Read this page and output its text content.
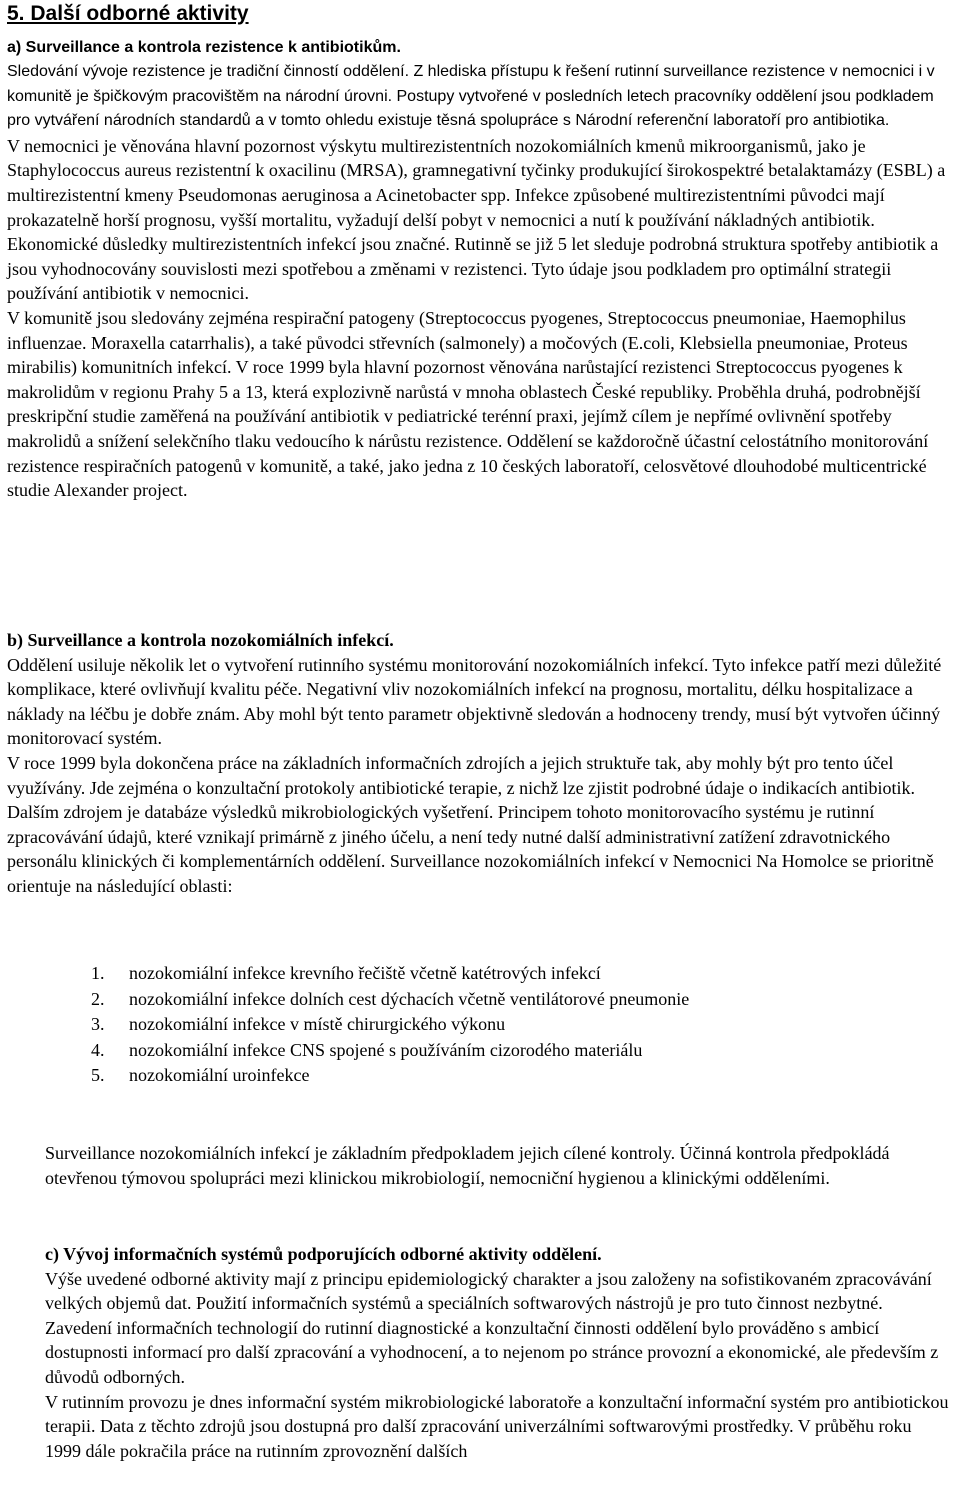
5. Další odborné aktivity

a) Surveillance a kontrola rezistence k antibiotikům.

Sledování vývoje rezistence je tradiční činností oddělení. Z hlediska přístupu k řešení rutinní surveillance rezistence v nemocnici i v komunitě je špičkovým pracovištěm na národní úrovni. Postupy vytvořené v posledních letech pracovníky oddělení jsou podkladem pro vytváření národních standardů a v tomto ohledu existuje těsná spolupráce s Národní referenční laboratoří pro antibiotika.

V nemocnici je věnována hlavní pozornost výskytu multirezistentních nozokomiálních kmenů mikroorganismů, jako je Staphylococcus aureus rezistentní k oxacilinu (MRSA), gramnegativní tyčinky produkující širokospektré betalaktamázy (ESBL) a multirezistentní kmeny Pseudomonas aeruginosa a Acinetobacter spp. Infekce způsobené multirezistentními původci mají prokazatelně horší prognosu, vyšší mortalitu, vyžadují delší pobyt v nemocnici a nutí k používání nákladných antibiotik. Ekonomické důsledky multirezistentních infekcí jsou značné. Rutinně se již 5 let sleduje podrobná struktura spotřeby antibiotik a jsou vyhodnocovány souvislosti mezi spotřebou a změnami v rezistenci. Tyto údaje jsou podkladem pro optimální strategii používání antibiotik v nemocnici.

V komunitě jsou sledovány zejména respirační patogeny (Streptococcus pyogenes, Streptococcus pneumoniae, Haemophilus influenzae. Moraxella catarrhalis), a také původci střevních (salmonely) a močových (E.coli, Klebsiella pneumoniae, Proteus mirabilis) komunitních infekcí. V roce 1999 byla hlavní pozornost věnována narůstající rezistenci Streptococcus pyogenes k makrolidům v regionu Prahy 5 a 13, která explozivně narůstá v mnoha oblastech České republiky. Proběhla druhá, podrobnější preskripční studie zaměřená na používání antibiotik v pediatrické terénní praxi, jejímž cílem je nepřímé ovlivnění spotřeby makrolidů a snížení selekčního tlaku vedoucího k nárůstu rezistence. Oddělení se každoročně účastní celostátního monitorování rezistence respiračních patogenů v komunitě, a také, jako jedna z 10 českých laboratoří, celosvětové dlouhodobé multicentrické studie Alexander project.

b) Surveillance a kontrola nozokomiálních infekcí.

Oddělení usiluje několik let o vytvoření rutinního systému monitorování nozokomiálních infekcí. Tyto infekce patří mezi důležité komplikace, které ovlivňují kvalitu péče. Negativní vliv nozokomiálních infekcí na prognosu, mortalitu, délku hospitalizace a náklady na léčbu je dobře znám. Aby mohl být tento parametr objektivně sledován a hodnoceny trendy, musí být vytvořen účinný monitorovací systém.

V roce 1999 byla dokončena práce na základních informačních zdrojích a jejich struktuře tak, aby mohly být pro tento účel využívány. Jde zejména o konzultační protokoly antibiotické terapie, z nichž lze zjistit podrobné údaje o indikacích antibiotik. Dalším zdrojem je databáze výsledků mikrobiologických vyšetření. Principem tohoto monitorovacího systému je rutinní zpracovávání údajů, které vznikají primárně z jiného účelu, a není tedy nutné další administrativní zatížení zdravotnického personálu klinických či komplementárních oddělení. Surveillance nozokomiálních infekcí v Nemocnici Na Homolce se prioritně orientuje na následující oblasti:

1. nozokomiální infekce krevního řečiště včetně katétrových infekcí
2. nozokomiální infekce dolních cest dýchacích včetně ventilátorové pneumonie
3. nozokomiální infekce v místě chirurgického výkonu
4. nozokomiální infekce CNS spojené s používáním cizorodého materiálu
5. nozokomiální uroinfekce

Surveillance nozokomiálních infekcí je základním předpokladem jejich cílené kontroly. Účinná kontrola předpokládá otevřenou týmovou spolupráci mezi klinickou mikrobiologií, nemocniční hygienou a klinickými odděleními.

c) Vývoj informačních systémů podporujících odborné aktivity oddělení.

Výše uvedené odborné aktivity mají z principu epidemiologický charakter a jsou založeny na sofistikovaném zpracovávání velkých objemů dat. Použití informačních systémů a speciálních softwarových nástrojů je pro tuto činnost nezbytné. Zavedení informačních technologií do rutinní diagnostické a konzultační činnosti oddělení bylo prováděno s ambicí dostupnosti informací pro další zpracování a vyhodnocení, a to nejenom po stránce provozní a ekonomické, ale především z důvodů odborných.

V rutinním provozu je dnes informační systém mikrobiologické laboratoře a konzultační informační systém pro antibiotickou terapii. Data z těchto zdrojů jsou dostupná pro další zpracování univerzálními softwarovými prostředky. V průběhu roku 1999 dále pokračila práce na rutinním zprovoznění dalších
